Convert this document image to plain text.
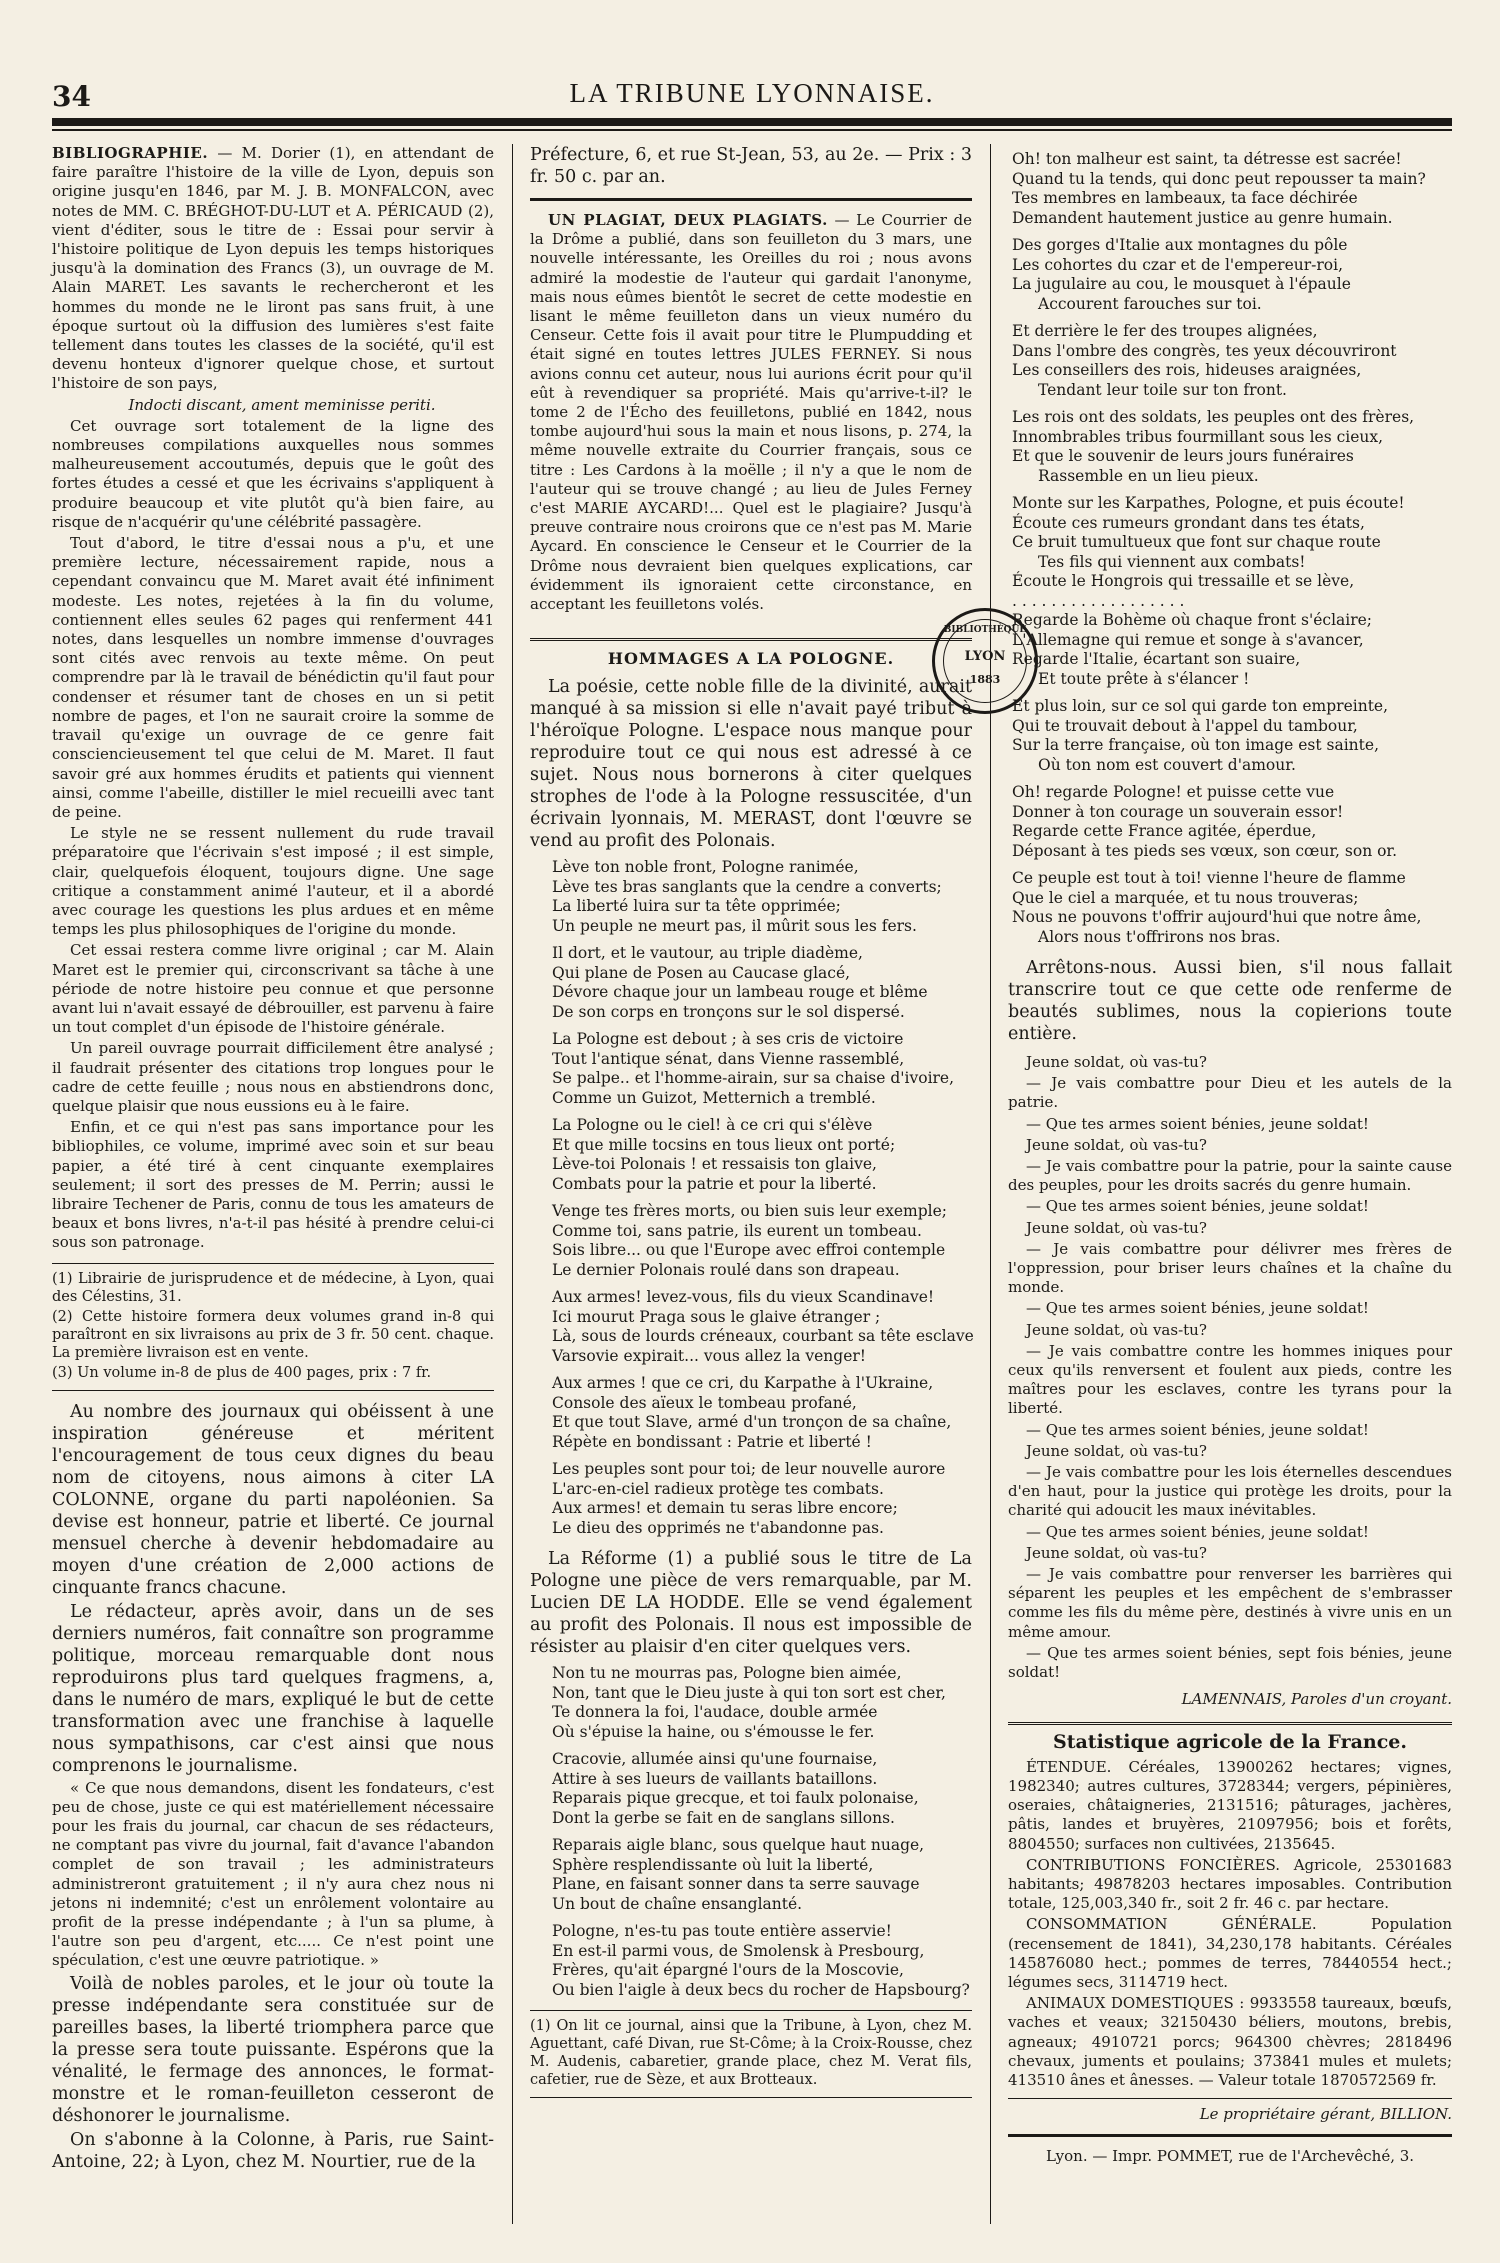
34	LA TRIBUNE LYONNAISE.

BIBLIOGRAPHIE. — M. Dorier (1), en attendant de faire paraître l'histoire de la ville de Lyon, depuis son origine jusqu'en 1846, par M. J. B. MONFALCON, avec notes de MM. C. BRÉGHOT-DU-LUT et A. PÉRICAUD (2), vient d'éditer, sous le titre de : Essai pour servir à l'histoire politique de Lyon depuis les temps historiques jusqu'à la domination des Francs (3), un ouvrage de M. Alain MARET. Les savants le rechercheront et les hommes du monde ne le liront pas sans fruit, à une époque surtout où la diffusion des lumières s'est faite tellement dans toutes les classes de la société, qu'il est devenu honteux d'ignorer quelque chose, et surtout l'histoire de son pays,

Indocti discant, ament meminisse periti.

Cet ouvrage sort totalement de la ligne des nombreuses compilations auxquelles nous sommes malheureusement accoutumés, depuis que le goût des fortes études a cessé et que les écrivains s'appliquent à produire beaucoup et vite plutôt qu'à bien faire, au risque de n'acquérir qu'une célébrité passagère.

Tout d'abord, le titre d'essai nous a p'u, et une première lecture, nécessairement rapide, nous a cependant convaincu que M. Maret avait été infiniment modeste. Les notes, rejetées à la fin du volume, contiennent elles seules 62 pages qui renferment 441 notes, dans lesquelles un nombre immense d'ouvrages sont cités avec renvois au texte même. On peut comprendre par là le travail de bénédictin qu'il faut pour condenser et résumer tant de choses en un si petit nombre de pages, et l'on ne saurait croire la somme de travail qu'exige un ouvrage de ce genre fait consciencieusement tel que celui de M. Maret. Il faut savoir gré aux hommes érudits et patients qui viennent ainsi, comme l'abeille, distiller le miel recueilli avec tant de peine.

Le style ne se ressent nullement du rude travail préparatoire que l'écrivain s'est imposé ; il est simple, clair, quelquefois éloquent, toujours digne. Une sage critique a constamment animé l'auteur, et il a abordé avec courage les questions les plus ardues et en même temps les plus philosophiques de l'origine du monde.

Cet essai restera comme livre original ; car M. Alain Maret est le premier qui, circonscrivant sa tâche à une période de notre histoire peu connue et que personne avant lui n'avait essayé de débrouiller, est parvenu à faire un tout complet d'un épisode de l'histoire générale.

Un pareil ouvrage pourrait difficilement être analysé ; il faudrait présenter des citations trop longues pour le cadre de cette feuille ; nous nous en abstiendrons donc, quelque plaisir que nous eussions eu à le faire.

Enfin, et ce qui n'est pas sans importance pour les bibliophiles, ce volume, imprimé avec soin et sur beau papier, a été tiré à cent cinquante exemplaires seulement; il sort des presses de M. Perrin; aussi le libraire Techener de Paris, connu de tous les amateurs de beaux et bons livres, n'a-t-il pas hésité à prendre celui-ci sous son patronage.

(1) Librairie de jurisprudence et de médecine, à Lyon, quai des Célestins, 31.

(2) Cette histoire formera deux volumes grand in-8 qui paraîtront en six livraisons au prix de 3 fr. 50 cent. chaque. La première livraison est en vente.

(3) Un volume in-8 de plus de 400 pages, prix : 7 fr.

Au nombre des journaux qui obéissent à une inspiration généreuse et méritent l'encouragement de tous ceux dignes du beau nom de citoyens, nous aimons à citer LA COLONNE, organe du parti napoléonien. Sa devise est honneur, patrie et liberté. Ce journal mensuel cherche à devenir hebdomadaire au moyen d'une création de 2,000 actions de cinquante francs chacune.

Le rédacteur, après avoir, dans un de ses derniers numéros, fait connaître son programme politique, morceau remarquable dont nous reproduirons plus tard quelques fragmens, a, dans le numéro de mars, expliqué le but de cette transformation avec une franchise à laquelle nous sympathisons, car c'est ainsi que nous comprenons le journalisme.

« Ce que nous demandons, disent les fondateurs, c'est peu de chose, juste ce qui est matériellement nécessaire pour les frais du journal, car chacun de ses rédacteurs, ne comptant pas vivre du journal, fait d'avance l'abandon complet de son travail ; les administrateurs administreront gratuitement ; il n'y aura chez nous ni jetons ni indemnité; c'est un enrôlement volontaire au profit de la presse indépendante ; à l'un sa plume, à l'autre son peu d'argent, etc..... Ce n'est point une spéculation, c'est une œuvre patriotique. »

Voilà de nobles paroles, et le jour où toute la presse indépendante sera constituée sur de pareilles bases, la liberté triomphera parce que la presse sera toute puissante. Espérons que la vénalité, le fermage des annonces, le format-monstre et le roman-feuilleton cesseront de déshonorer le journalisme.

On s'abonne à la Colonne, à Paris, rue Saint-Antoine, 22; à Lyon, chez M. Nourtier, rue de la

Préfecture, 6, et rue St-Jean, 53, au 2e. — Prix : 3 fr. 50 c. par an.

UN PLAGIAT, DEUX PLAGIATS. — Le Courrier de la Drôme a publié, dans son feuilleton du 3 mars, une nouvelle intéressante, les Oreilles du roi ; nous avons admiré la modestie de l'auteur qui gardait l'anonyme, mais nous eûmes bientôt le secret de cette modestie en lisant le même feuilleton dans un vieux numéro du Censeur. Cette fois il avait pour titre le Plumpudding et était signé en toutes lettres JULES FERNEY. Si nous avions connu cet auteur, nous lui aurions écrit pour qu'il eût à revendiquer sa propriété. Mais qu'arrive-t-il? le tome 2 de l'Écho des feuilletons, publié en 1842, nous tombe aujourd'hui sous la main et nous lisons, p. 274, la même nouvelle extraite du Courrier français, sous ce titre : Les Cardons à la moëlle ; il n'y a que le nom de l'auteur qui se trouve changé ; au lieu de Jules Ferney c'est MARIE AYCARD!... Quel est le plagiaire? Jusqu'à preuve contraire nous croirons que ce n'est pas M. Marie Aycard. En conscience le Censeur et le Courrier de la Drôme nous devraient bien quelques explications, car évidemment ils ignoraient cette circonstance, en acceptant les feuilletons volés.

HOMMAGES A LA POLOGNE.

La poésie, cette noble fille de la divinité, aurait manqué à sa mission si elle n'avait payé tribut à l'héroïque Pologne. L'espace nous manque pour reproduire tout ce qui nous est adressé à ce sujet. Nous nous bornerons à citer quelques strophes de l'ode à la Pologne ressuscitée, d'un écrivain lyonnais, M. MERAST, dont l'œuvre se vend au profit des Polonais.

Lève ton noble front, Pologne ranimée,
Lève tes bras sanglants que la cendre a converts;
La liberté luira sur ta tête opprimée;
Un peuple ne meurt pas, il mûrit sous les fers.
Il dort, et le vautour, au triple diadème,
Qui plane de Posen au Caucase glacé,
Dévore chaque jour un lambeau rouge et blême
De son corps en tronçons sur le sol dispersé.
La Pologne est debout ; à ses cris de victoire
Tout l'antique sénat, dans Vienne rassemblé,
Se palpe.. et l'homme-airain, sur sa chaise d'ivoire,
Comme un Guizot, Metternich a tremblé.
La Pologne ou le ciel! à ce cri qui s'élève
Et que mille tocsins en tous lieux ont porté;
Lève-toi Polonais ! et ressaisis ton glaive,
Combats pour la patrie et pour la liberté.
Venge tes frères morts, ou bien suis leur exemple;
Comme toi, sans patrie, ils eurent un tombeau.
Sois libre... ou que l'Europe avec effroi contemple
Le dernier Polonais roulé dans son drapeau.
Aux armes! levez-vous, fils du vieux Scandinave!
Ici mourut Praga sous le glaive étranger ;
Là, sous de lourds créneaux, courbant sa tête esclave
Varsovie expirait... vous allez la venger!
Aux armes ! que ce cri, du Karpathe à l'Ukraine,
Console des aïeux le tombeau profané,
Et que tout Slave, armé d'un tronçon de sa chaîne,
Répète en bondissant : Patrie et liberté !
Les peuples sont pour toi; de leur nouvelle aurore
L'arc-en-ciel radieux protège tes combats.
Aux armes! et demain tu seras libre encore;
Le dieu des opprimés ne t'abandonne pas.

La Réforme (1) a publié sous le titre de La Pologne une pièce de vers remarquable, par M. Lucien DE LA HODDE. Elle se vend également au profit des Polonais. Il nous est impossible de résister au plaisir d'en citer quelques vers.

Non tu ne mourras pas, Pologne bien aimée,
Non, tant que le Dieu juste à qui ton sort est cher,
Te donnera la foi, l'audace, double armée
Où s'épuise la haine, ou s'émousse le fer.
Cracovie, allumée ainsi qu'une fournaise,
Attire à ses lueurs de vaillants bataillons.
Reparais pique grecque, et toi faulx polonaise,
Dont la gerbe se fait en de sanglans sillons.
Reparais aigle blanc, sous quelque haut nuage,
Sphère resplendissante où luit la liberté,
Plane, en faisant sonner dans ta serre sauvage
Un bout de chaîne ensanglanté.
Pologne, n'es-tu pas toute entière asservie!
En est-il parmi vous, de Smolensk à Presbourg,
Frères, qu'ait épargné l'ours de la Moscovie,
Ou bien l'aigle à deux becs du rocher de Hapsbourg?

(1) On lit ce journal, ainsi que la Tribune, à Lyon, chez M. Aguettant, café Divan, rue St-Côme; à la Croix-Rousse, chez M. Audenis, cabaretier, grande place, chez M. Verat fils, cafetier, rue de Sèze, et aux Brotteaux.

Oh! ton malheur est saint, ta détresse est sacrée!
Quand tu la tends, qui donc peut repousser ta main?
Tes membres en lambeaux, ta face déchirée
Demandent hautement justice au genre humain.
Des gorges d'Italie aux montagnes du pôle
Les cohortes du czar et de l'empereur-roi,
La jugulaire au cou, le mousquet à l'épaule
Accourent farouches sur toi.
Et derrière le fer des troupes alignées,
Dans l'ombre des congrès, tes yeux découvriront
Les conseillers des rois, hideuses araignées,
Tendant leur toile sur ton front.
Les rois ont des soldats, les peuples ont des frères,
Innombrables tribus fourmillant sous les cieux,
Et que le souvenir de leurs jours funéraires
Rassemble en un lieu pieux.
Monte sur les Karpathes, Pologne, et puis écoute!
Écoute ces rumeurs grondant dans tes états,
Ce bruit tumultueux que font sur chaque route
Tes fils qui viennent aux combats!
Écoute le Hongrois qui tressaille et se lève,
. . . . . . . . . . . . . . . . . .
Regarde la Bohème où chaque front s'éclaire;
L'Allemagne qui remue et songe à s'avancer,
Regarde l'Italie, écartant son suaire,
Et toute prête à s'élancer !
Et plus loin, sur ce sol qui garde ton empreinte,
Qui te trouvait debout à l'appel du tambour,
Sur la terre française, où ton image est sainte,
Où ton nom est couvert d'amour.
Oh! regarde Pologne! et puisse cette vue
Donner à ton courage un souverain essor!
Regarde cette France agitée, éperdue,
Déposant à tes pieds ses vœux, son cœur, son or.
Ce peuple est tout à toi! vienne l'heure de flamme
Que le ciel a marquée, et tu nous trouveras;
Nous ne pouvons t'offrir aujourd'hui que notre âme,
Alors nous t'offrirons nos bras.

Arrêtons-nous. Aussi bien, s'il nous fallait transcrire tout ce que cette ode renferme de beautés sublimes, nous la copierions toute entière.

Jeune soldat, où vas-tu?

— Je vais combattre pour Dieu et les autels de la patrie.

— Que tes armes soient bénies, jeune soldat!

Jeune soldat, où vas-tu?

— Je vais combattre pour la patrie, pour la sainte cause des peuples, pour les droits sacrés du genre humain.

— Que tes armes soient bénies, jeune soldat!

Jeune soldat, où vas-tu?

— Je vais combattre pour délivrer mes frères de l'oppression, pour briser leurs chaînes et la chaîne du monde.

— Que tes armes soient bénies, jeune soldat!

Jeune soldat, où vas-tu?

— Je vais combattre contre les hommes iniques pour ceux qu'ils renversent et foulent aux pieds, contre les maîtres pour les esclaves, contre les tyrans pour la liberté.

— Que tes armes soient bénies, jeune soldat!

Jeune soldat, où vas-tu?

— Je vais combattre pour les lois éternelles descendues d'en haut, pour la justice qui protège les droits, pour la charité qui adoucit les maux inévitables.

— Que tes armes soient bénies, jeune soldat!

Jeune soldat, où vas-tu?

— Je vais combattre pour renverser les barrières qui séparent les peuples et les empêchent de s'embrasser comme les fils du même père, destinés à vivre unis en un même amour.

— Que tes armes soient bénies, sept fois bénies, jeune soldat!

LAMENNAIS, Paroles d'un croyant.
Statistique agricole de la France.

ÉTENDUE. Céréales, 13900262 hectares; vignes, 1982340; autres cultures, 3728344; vergers, pépinières, oseraies, châtaigneries, 2131516; pâturages, jachères, pâtis, landes et bruyères, 21097956; bois et forêts, 8804550; surfaces non cultivées, 2135645.

CONTRIBUTIONS FONCIÈRES. Agricole, 25301683 habitants; 49878203 hectares imposables. Contribution totale, 125,003,340 fr., soit 2 fr. 46 c. par hectare.

CONSOMMATION GÉNÉRALE. Population (recensement de 1841), 34,230,178 habitants. Céréales 145876080 hect.; pommes de terres, 78440554 hect.; légumes secs, 3114719 hect.

ANIMAUX DOMESTIQUES : 9933558 taureaux, bœufs, vaches et veaux; 32150430 béliers, moutons, brebis, agneaux; 4910721 porcs; 964300 chèvres; 2818496 chevaux, juments et poulains; 373841 mules et mulets; 413510 ânes et ânesses. — Valeur totale 1870572569 fr.

Le propriétaire gérant, BILLION.
Lyon. — Impr. POMMET, rue de l'Archevêché, 3.
BIBLIOTHÈQUE
LYON
1883
